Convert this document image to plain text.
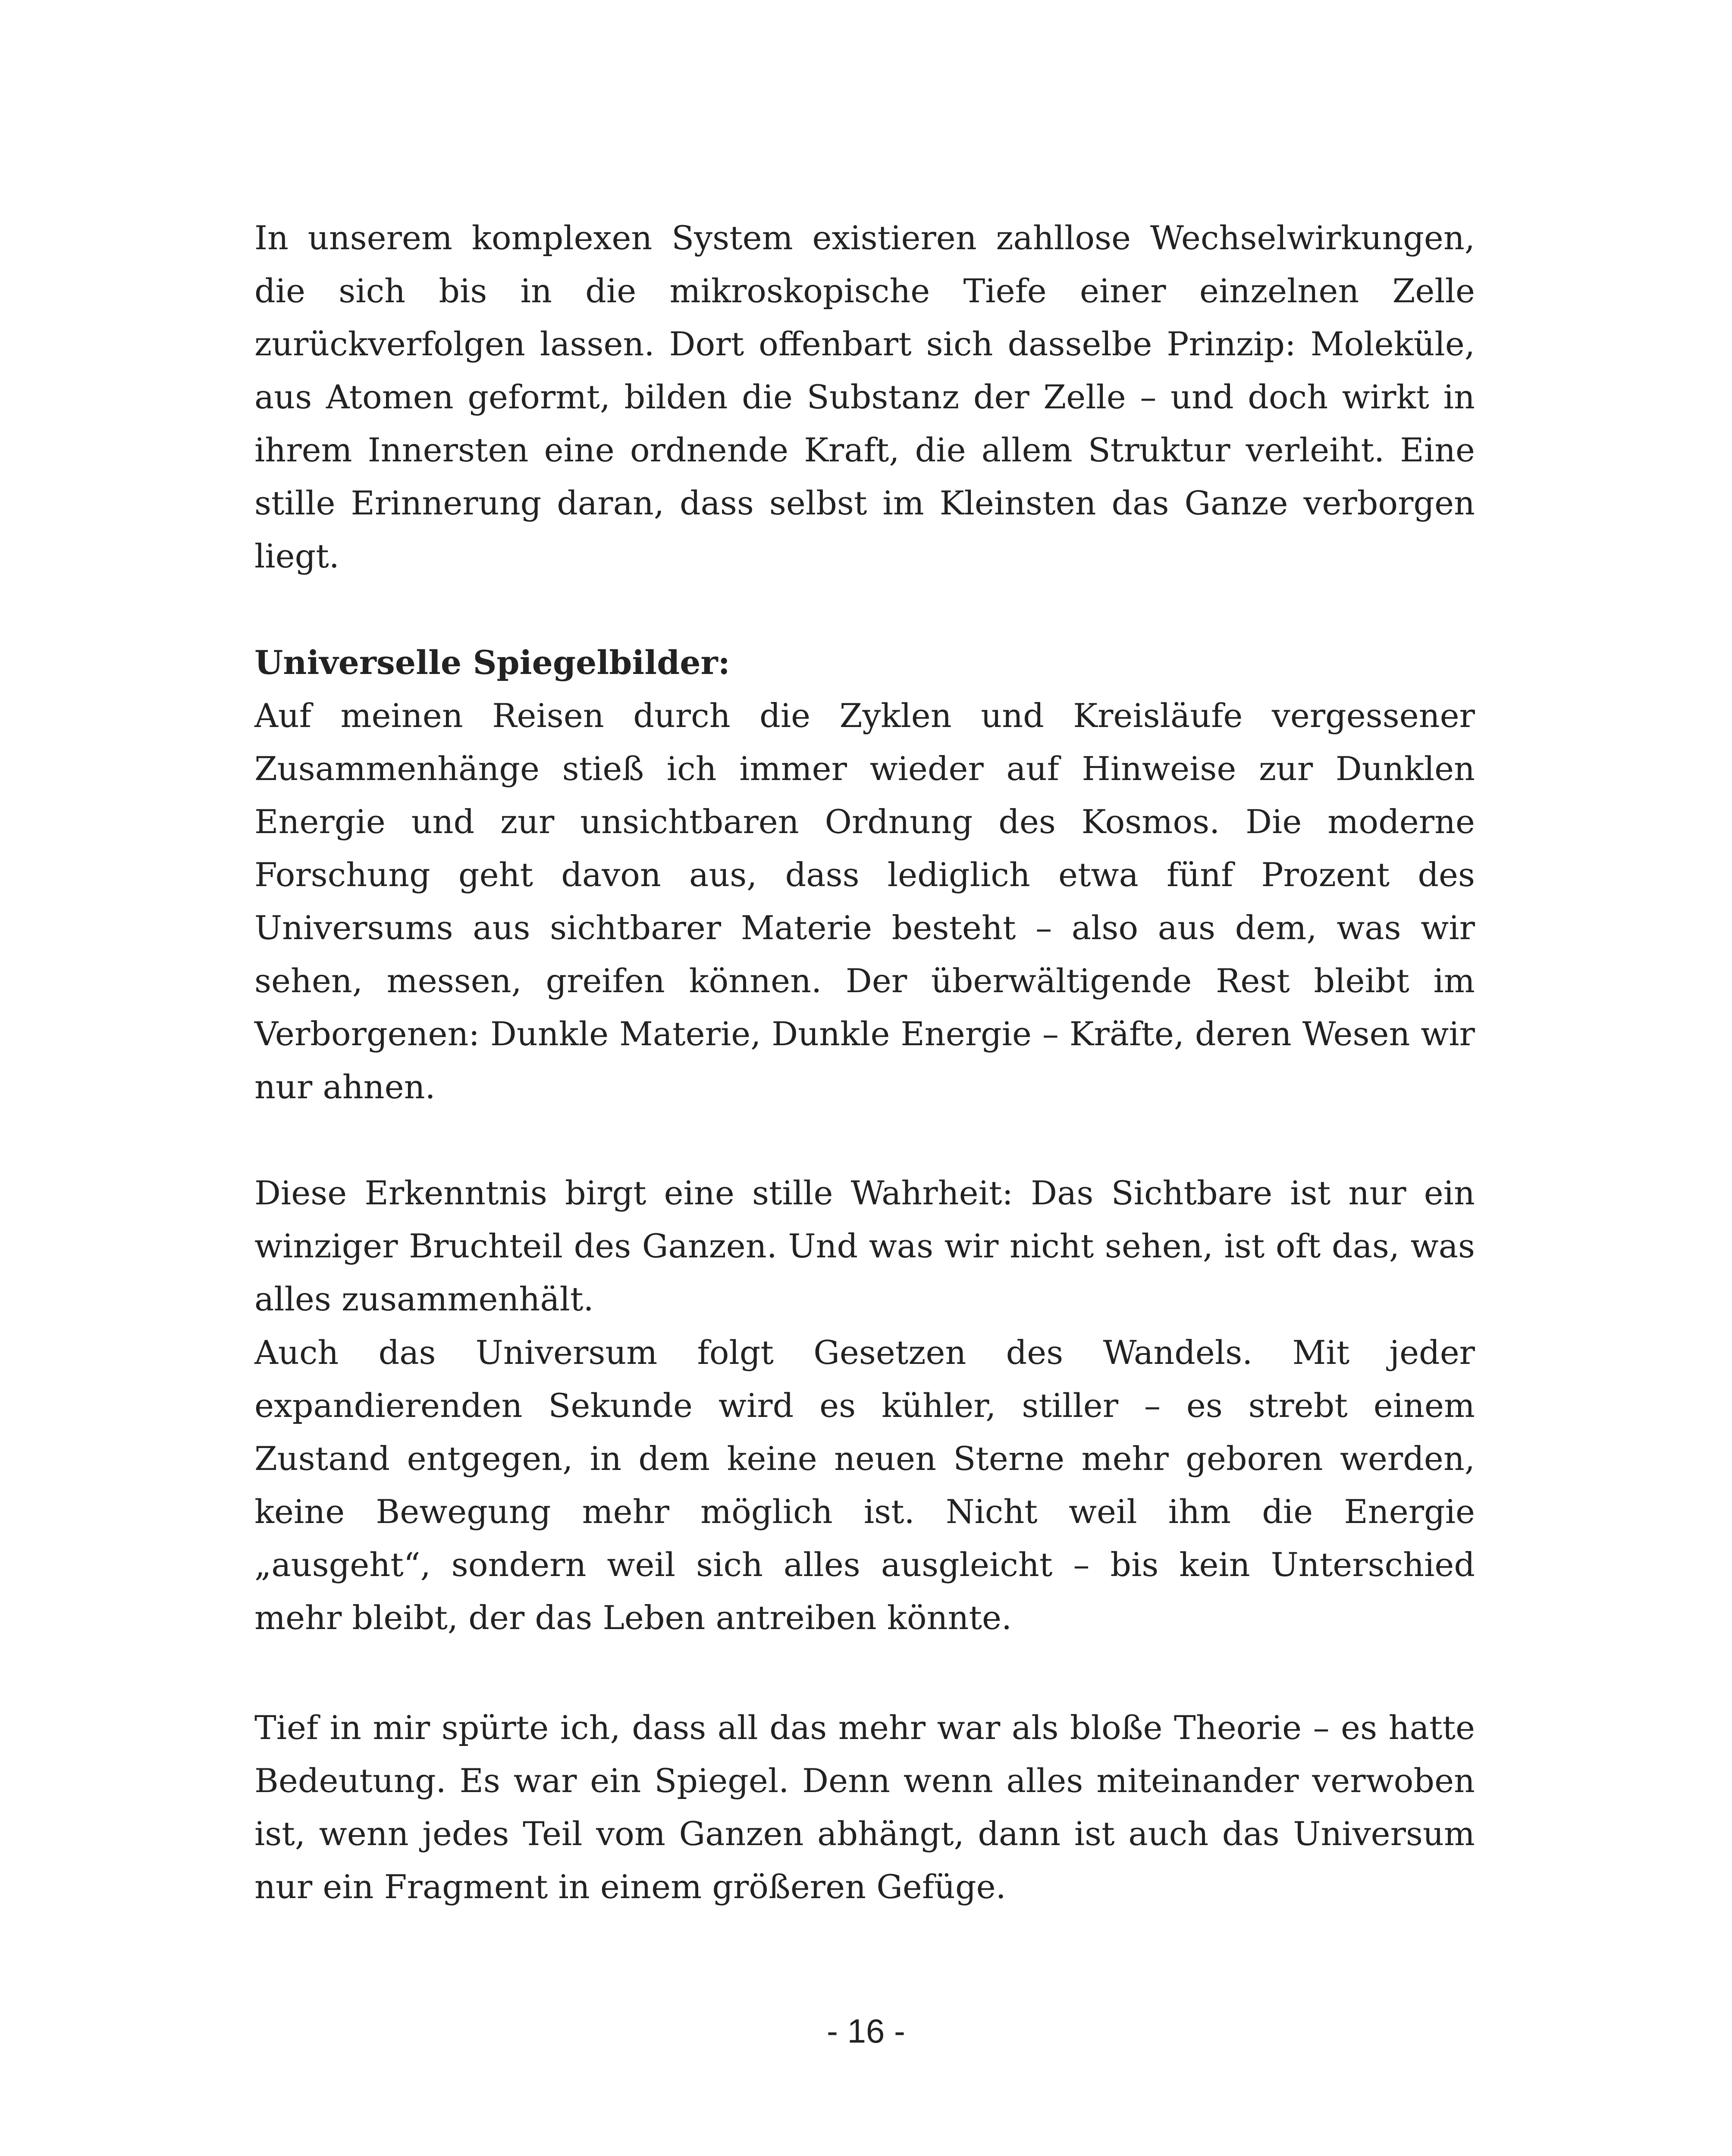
In unserem komplexen System existieren zahllose Wechselwirkungen, die sich bis in die mikroskopische Tiefe einer einzelnen Zelle zurückverfolgen lassen. Dort offenbart sich dasselbe Prinzip: Moleküle, aus Atomen geformt, bilden die Substanz der Zelle – und doch wirkt in ihrem Innersten eine ordnende Kraft, die allem Struktur verleiht. Eine stille Erinnerung daran, dass selbst im Kleinsten das Ganze verborgen liegt.

Universelle Spiegelbilder:

Auf meinen Reisen durch die Zyklen und Kreisläufe vergessener Zusammenhänge stieß ich immer wieder auf Hinweise zur Dunklen Energie und zur unsichtbaren Ordnung des Kosmos. Die moderne Forschung geht davon aus, dass lediglich etwa fünf Prozent des Universums aus sichtbarer Materie besteht – also aus dem, was wir sehen, messen, greifen können. Der überwältigende Rest bleibt im Verborgenen: Dunkle Materie, Dunkle Energie – Kräfte, deren Wesen wir nur ahnen.

Diese Erkenntnis birgt eine stille Wahrheit: Das Sichtbare ist nur ein winziger Bruchteil des Ganzen. Und was wir nicht sehen, ist oft das, was alles zusammenhält.

Auch das Universum folgt Gesetzen des Wandels. Mit jeder expandierenden Sekunde wird es kühler, stiller – es strebt einem Zustand entgegen, in dem keine neuen Sterne mehr geboren werden, keine Bewegung mehr möglich ist. Nicht weil ihm die Energie „ausgeht“, sondern weil sich alles ausgleicht – bis kein Unterschied mehr bleibt, der das Leben antreiben könnte.

Tief in mir spürte ich, dass all das mehr war als bloße Theorie – es hatte Bedeutung. Es war ein Spiegel. Denn wenn alles miteinander verwoben ist, wenn jedes Teil vom Ganzen abhängt, dann ist auch das Universum nur ein Fragment in einem größeren Gefüge.

- 16 -
